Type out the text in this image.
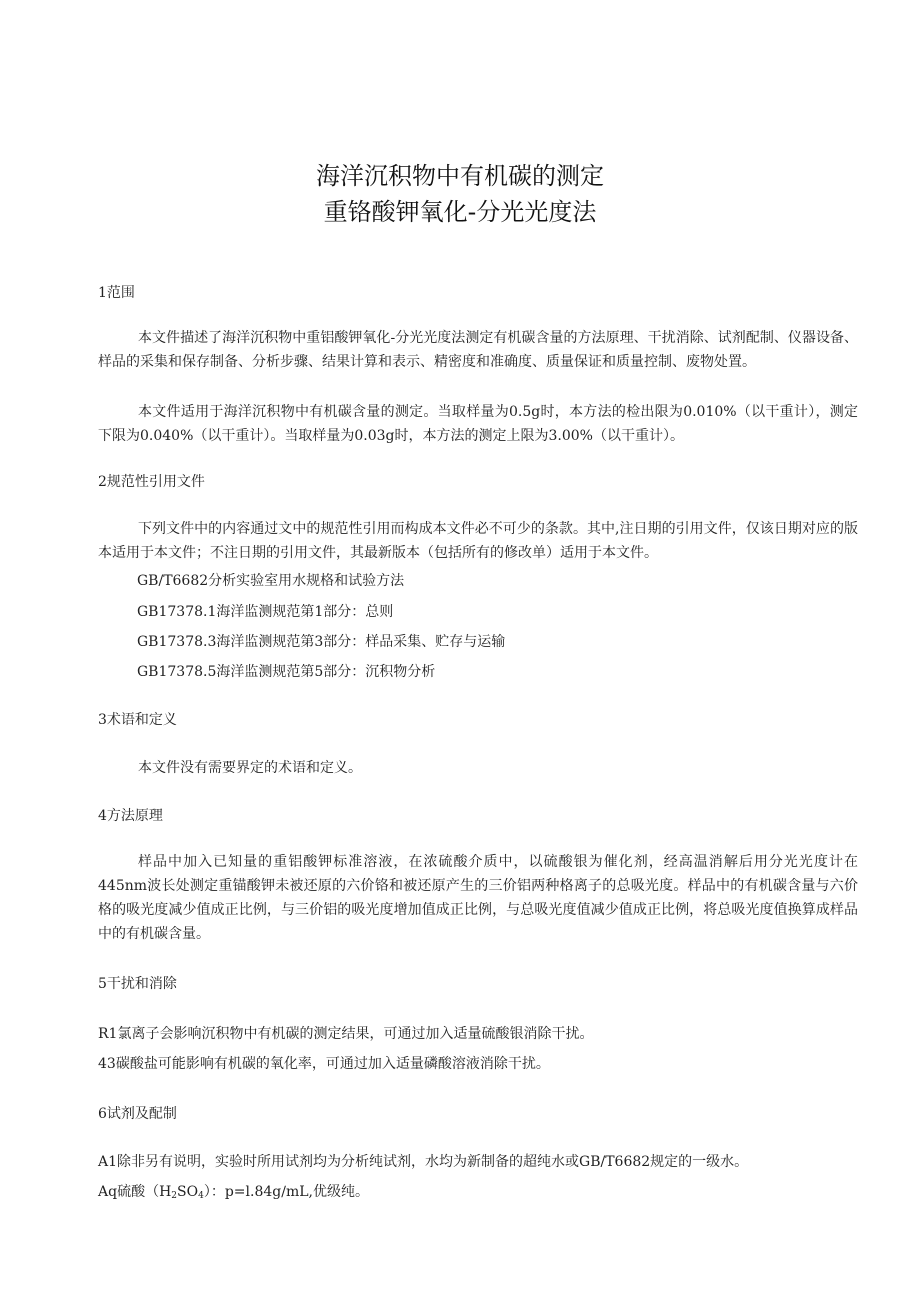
海洋沉积物中有机碳的测定
重铬酸钾氧化-分光光度法
1范围

本文件描述了海洋沉积物中重铝酸钾氧化-分光光度法测定有机碳含量的方法原理、干扰消除、试剂配制、仪器设备、样品的采集和保存制备、分析步骤、结果计算和表示、精密度和准确度、质量保证和质量控制、废物处置。

本文件适用于海洋沉积物中有机碳含量的测定。当取样量为0.5g时，本方法的检出限为0.010%（以干重计），测定下限为0.040%（以干重计）。当取样量为0.03g时，本方法的测定上限为3.00%（以干重计）。

2规范性引用文件

下列文件中的内容通过文中的规范性引用而构成本文件必不可少的条款。其中,注日期的引用文件，仅该日期对应的版本适用于本文件；不注日期的引用文件，其最新版本（包括所有的修改单）适用于本文件。

GB/T6682分析实验室用水规格和试验方法
GB17378.1海洋监测规范第1部分：总则
GB17378.3海洋监测规范第3部分：样品采集、贮存与运输
GB17378.5海洋监测规范第5部分：沉积物分析
3术语和定义

本文件没有需要界定的术语和定义。

4方法原理

样品中加入已知量的重铝酸钾标准溶液，在浓硫酸介质中，以硫酸银为催化剂，经高温消解后用分光光度计在445nm波长处测定重锚酸钾未被还原的六价铬和被还原产生的三价铝两种格离子的总吸光度。样品中的有机碳含量与六价格的吸光度减少值成正比例，与三价铝的吸光度增加值成正比例，与总吸光度值减少值成正比例，将总吸光度值换算成样品中的有机碳含量。

5干扰和消除
R1氯离子会影响沉积物中有机碳的测定结果，可通过加入适量硫酸银消除干扰。
43碳酸盐可能影响有机碳的氧化率，可通过加入适量磷酸溶液消除干扰。
6试剂及配制
A1除非另有说明，实验时所用试剂均为分析纯试剂，水均为新制备的超纯水或GB/T6682规定的一级水。
Aq硫酸$(H_2SO_4)$：p=l.84g∕mL,优级纯。
